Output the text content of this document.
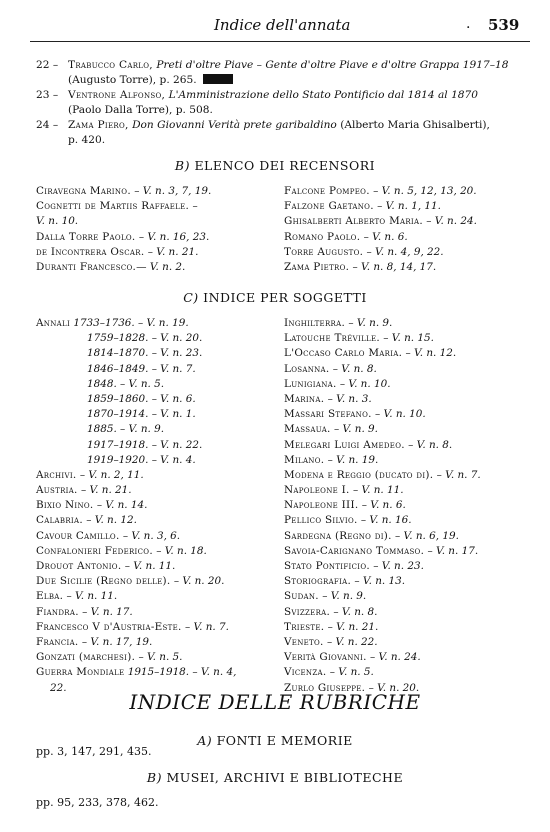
Indice dell'annata	. 539
22 – Trabucco Carlo, Preti d'oltre Piave – Gente d'oltre Piave e d'oltre Grappa 1917–18
(Augusto Torre), p. 265.
23 – Ventrone Alfonso, L'Amministrazione dello Stato Pontificio dal 1814 al 1870
(Paolo Dalla Torre), p. 508.
24 – Zama Piero, Don Giovanni Verità prete garibaldino (Alberto Maria Ghisalberti),
p. 420.
B) ELENCO DEI RECENSORI
Ciravegna Marino. – V. n. 3, 7, 19.
Cognetti de Martiis Raffaele. –
V. n. 10.
Dalla Torre Paolo. – V. n. 16, 23.
de Incontrera Oscar. – V. n. 21.
Duranti Francesco.— V. n. 2.
Falcone Pompeo. – V. n. 5, 12, 13, 20.
Falzone Gaetano. – V. n. 1, 11.
Ghisalberti Alberto Maria. – V. n. 24.
Romano Paolo. – V. n. 6.
Torre Augusto. – V. n. 4, 9, 22.
Zama Pietro. – V. n. 8, 14, 17.
C) INDICE PER SOGGETTI
Annali 1733–1736. – V. n. 19.
1759–1828. – V. n. 20.
1814–1870. – V. n. 23.
1846–1849. – V. n. 7.
1848. – V. n. 5.
1859–1860. – V. n. 6.
1870–1914. – V. n. 1.
1885. – V. n. 9.
1917–1918. – V. n. 22.
1919–1920. – V. n. 4.
Archivi. – V. n. 2, 11.
Austria. – V. n. 21.
Bixio Nino. – V. n. 14.
Calabria. – V. n. 12.
Cavour Camillo. – V. n. 3, 6.
Confalonieri Federico. – V. n. 18.
Drouot Antonio. – V. n. 11.
Due Sicilie (Regno delle). – V. n. 20.
Elba. – V. n. 11.
Fiandra. – V. n. 17.
Francesco V d'Austria-Este. – V. n. 7.
Francia. – V. n. 17, 19.
Gonzati (marchesi). – V. n. 5.
Guerra Mondiale 1915–1918. – V. n. 4,
22.
Inghilterra. – V. n. 9.
Latouche Tréville. – V. n. 15.
L'Occaso Carlo Maria. – V. n. 12.
Losanna. – V. n. 8.
Lunigiana. – V. n. 10.
Marina. – V. n. 3.
Massari Stefano. – V. n. 10.
Massaua. – V. n. 9.
Melegari Luigi Amedeo. – V. n. 8.
Milano. – V. n. 19.
Modena e Reggio (ducato di). – V. n. 7.
Napoleone I. – V. n. 11.
Napoleone III. – V. n. 6.
Pellico Silvio. – V. n. 16.
Sardegna (Regno di). – V. n. 6, 19.
Savoia-Carignano Tommaso. – V. n. 17.
Stato Pontificio. – V. n. 23.
Storiografia. – V. n. 13.
Sudan. – V. n. 9.
Svizzera. – V. n. 8.
Trieste. – V. n. 21.
Veneto. – V. n. 22.
Verità Giovanni. – V. n. 24.
Vicenza. – V. n. 5.
Zurlo Giuseppe. – V. n. 20.
INDICE DELLE RUBRICHE
A) FONTI E MEMORIE
pp. 3, 147, 291, 435.
B) MUSEI, ARCHIVI E BIBLIOTECHE
pp. 95, 233, 378, 462.
